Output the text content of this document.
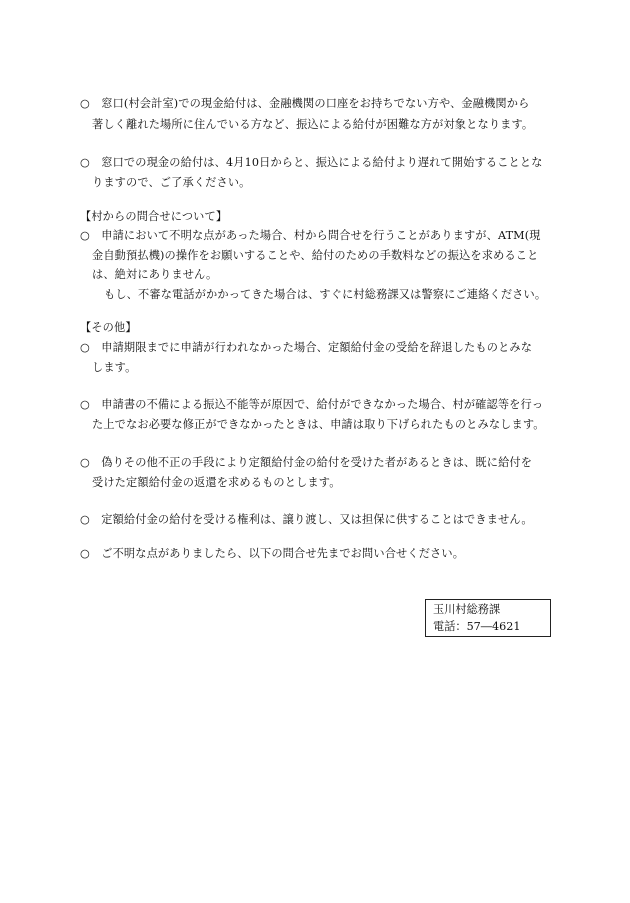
○　窓口(村会計室)での現金給付は、金融機関の口座をお持ちでない方や、金融機関から
著しく離れた場所に住んでいる方など、振込による給付が困難な方が対象となります。
○　窓口での現金の給付は、4月10日からと、振込による給付より遅れて開始することとな
りますので、ご了承ください。
【村からの問合せについて】
○　申請において不明な点があった場合、村から問合せを行うことがありますが、ATM(現
金自動預払機)の操作をお願いすることや、給付のための手数料などの振込を求めること
は、絶対にありません。
もし、不審な電話がかかってきた場合は、すぐに村総務課又は警察にご連絡ください。
【その他】
○　申請期限までに申請が行われなかった場合、定額給付金の受給を辞退したものとみな
します。
○　申請書の不備による振込不能等が原因で、給付ができなかった場合、村が確認等を行っ
た上でなお必要な修正ができなかったときは、申請は取り下げられたものとみなします。
○　偽りその他不正の手段により定額給付金の給付を受けた者があるときは、既に給付を
受けた定額給付金の返還を求めるものとします。
○　定額給付金の給付を受ける権利は、譲り渡し、又は担保に供することはできません。
○　ご不明な点がありましたら、以下の問合せ先までお問い合せください。
玉川村総務課
電話：57―4621
